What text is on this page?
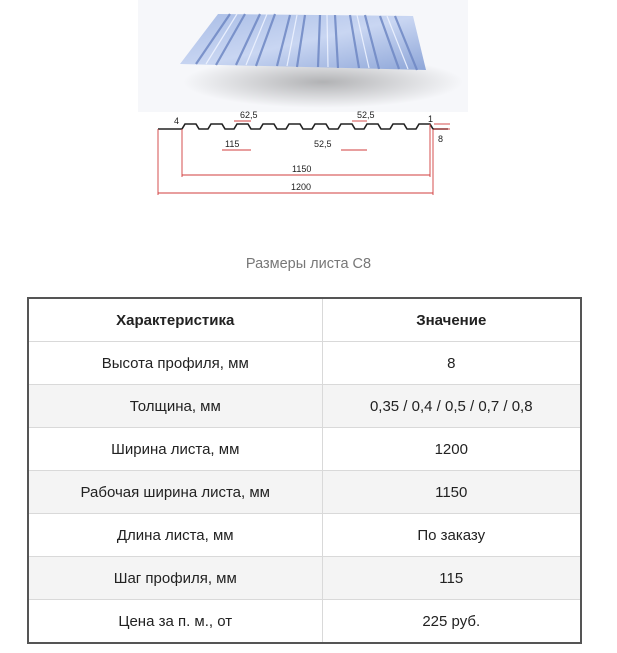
4
62,5	52,5	1
8
115	52,5
1150
1200
Размеры листа С8
Характеристика	Значение
Высота профиля, мм	8
Толщина, мм	0,35 / 0,4 / 0,5 / 0,7 / 0,8
Ширина листа, мм	1200
Рабочая ширина листа, мм	1150
Длина листа, мм	По заказу
Шаг профиля, мм	115
Цена за п. м., от	225 руб.
